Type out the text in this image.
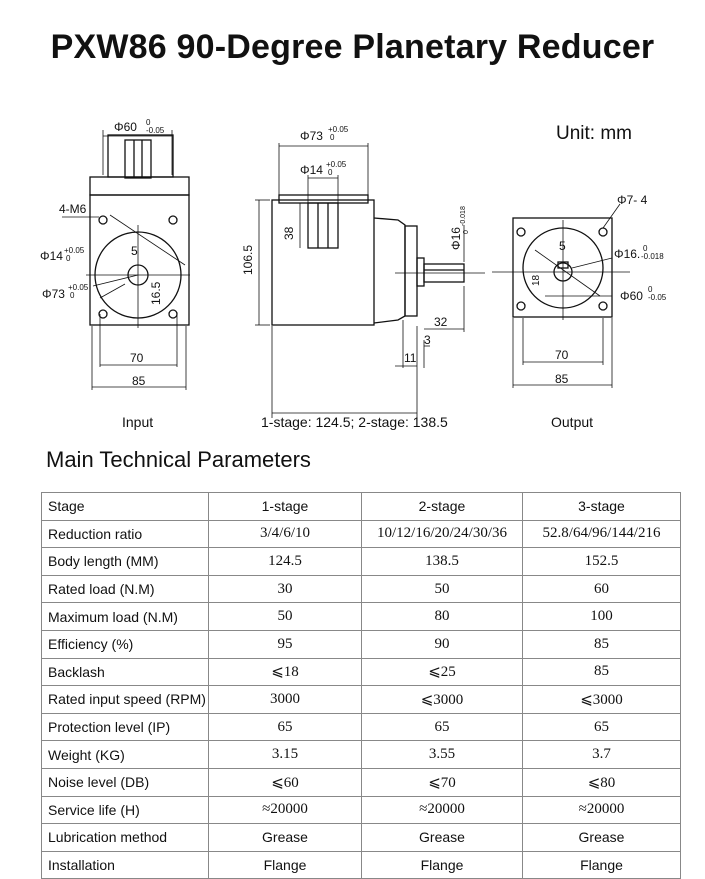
PXW86 90-Degree Planetary Reducer
Φ60 0
-0.05
4-M6
Φ14 +0.05
0
Φ73 +0.05
0
5
16.5
70
85
Φ73 +0.05
0
Φ14 +0.05
0
38
106.5
Φ16 0
-0.018
32
3
11
Φ7- 4
5
18
Φ16. 0
-0.018
Φ60 0
-0.05
70
85
Unit: mm
Input	1-stage: 124.5; 2-stage: 138.5	Output
Main Technical Parameters
Stage	1-stage	2-stage	3-stage
Reduction ratio	3/4/6/10	10/12/16/20/24/30/36	52.8/64/96/144/216
Body length (MM)	124.5	138.5	152.5
Rated load (N.M)	30	50	60
Maximum load (N.M)	50	80	100
Efficiency (%)	95	90	85
Backlash	⩽18	⩽25	85
Rated input speed (RPM)	3000	⩽3000	⩽3000
Protection level (IP)	65	65	65
Weight (KG)	3.15	3.55	3.7
Noise level (DB)	⩽60	⩽70	⩽80
Service life (H)	≈20000	≈20000	≈20000
Lubrication method	Grease	Grease	Grease
Installation	Flange	Flange	Flange
